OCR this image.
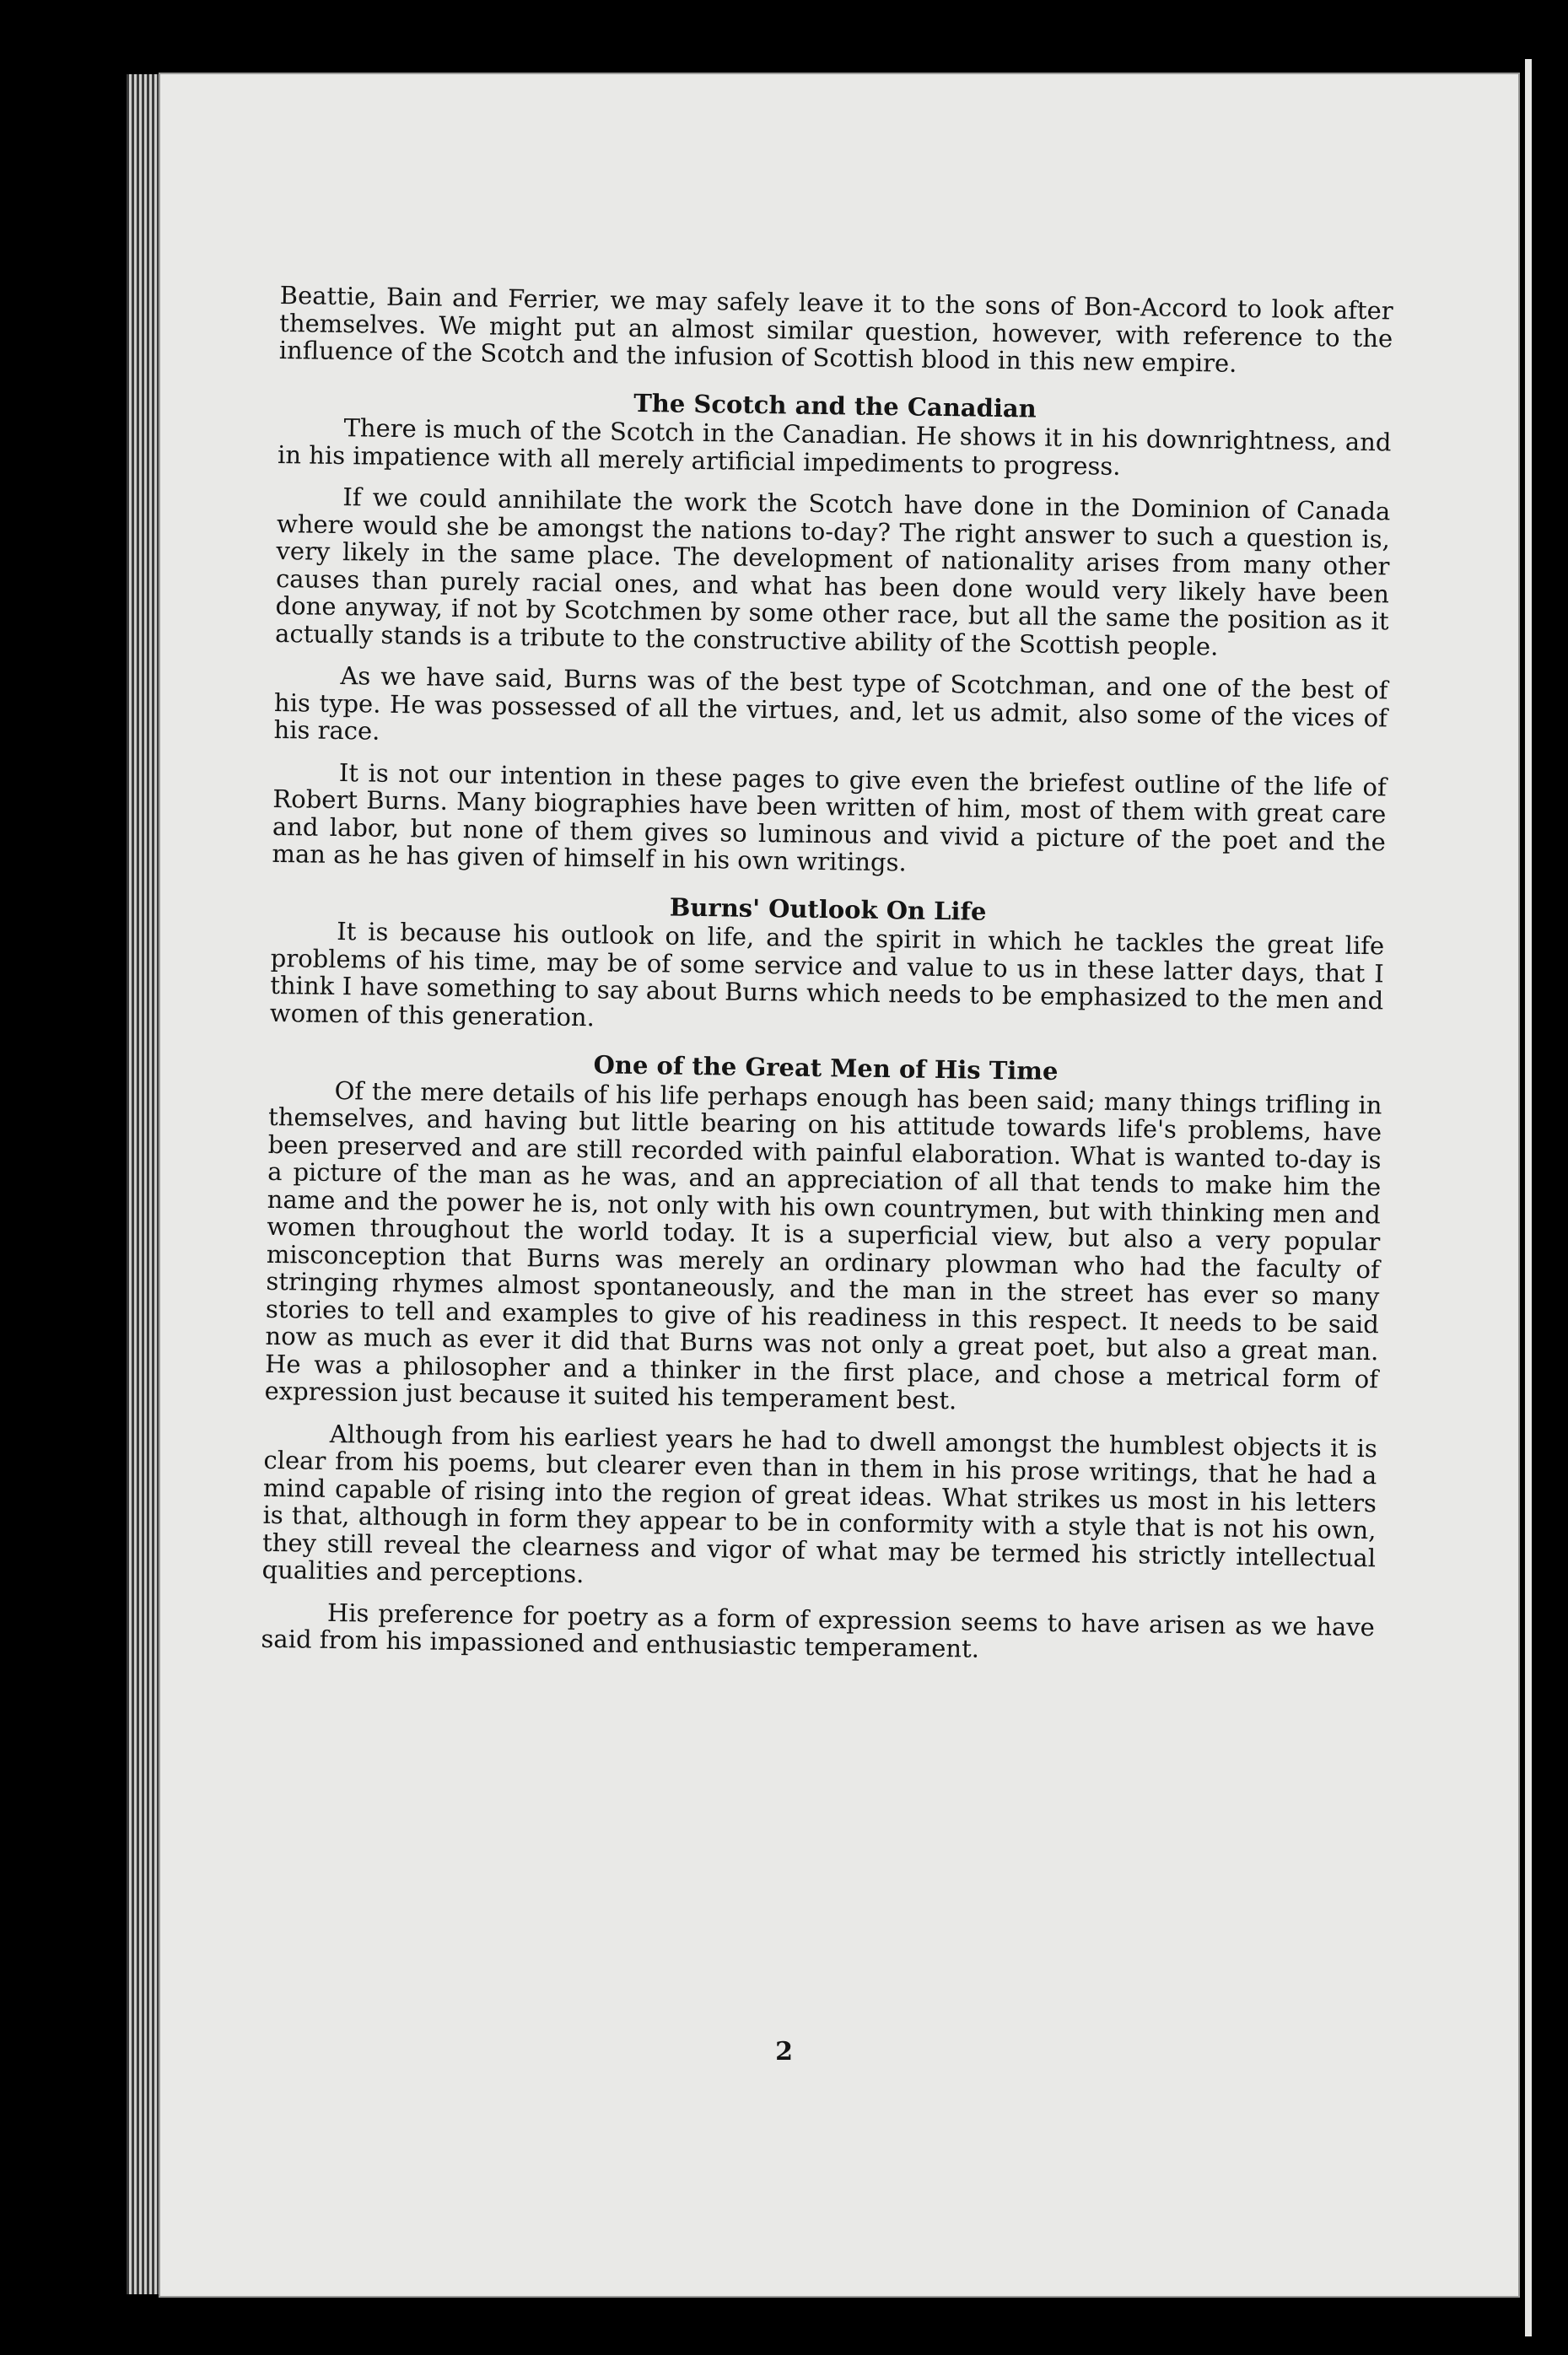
Beattie, Bain and Ferrier, we may safely leave it to the sons of Bon-Accord to look after themselves. We might put an almost similar question, however, with reference to the influence of the Scotch and the infusion of Scottish blood in this new empire.

The Scotch and the Canadian

There is much of the Scotch in the Canadian. He shows it in his downrightness, and in his impatience with all merely artificial impediments to progress.

If we could annihilate the work the Scotch have done in the Dominion of Canada where would she be amongst the nations to-day? The right answer to such a question is, very likely in the same place. The development of nationality arises from many other causes than purely racial ones, and what has been done would very likely have been done anyway, if not by Scotchmen by some other race, but all the same the position as it actually stands is a tribute to the constructive ability of the Scottish people.

As we have said, Burns was of the best type of Scotchman, and one of the best of his type. He was possessed of all the virtues, and, let us admit, also some of the vices of his race.

It is not our intention in these pages to give even the briefest outline of the life of Robert Burns. Many biographies have been written of him, most of them with great care and labor, but none of them gives so luminous and vivid a picture of the poet and the man as he has given of himself in his own writings.

Burns' Outlook On Life

It is because his outlook on life, and the spirit in which he tackles the great life problems of his time, may be of some service and value to us in these latter days, that I think I have something to say about Burns which needs to be emphasized to the men and women of this generation.

One of the Great Men of His Time

Of the mere details of his life perhaps enough has been said; many things trifling in themselves, and having but little bearing on his attitude towards life's problems, have been preserved and are still recorded with painful elaboration. What is wanted to-day is a picture of the man as he was, and an appreciation of all that tends to make him the name and the power he is, not only with his own countrymen, but with thinking men and women throughout the world today. It is a superficial view, but also a very popular misconception that Burns was merely an ordinary plowman who had the faculty of stringing rhymes almost spontaneously, and the man in the street has ever so many stories to tell and examples to give of his readiness in this respect. It needs to be said now as much as ever it did that Burns was not only a great poet, but also a great man. He was a philosopher and a thinker in the first place, and chose a metrical form of expression just because it suited his temperament best.

Although from his earliest years he had to dwell amongst the humblest objects it is clear from his poems, but clearer even than in them in his prose writings, that he had a mind capable of rising into the region of great ideas. What strikes us most in his letters is that, although in form they appear to be in conformity with a style that is not his own, they still reveal the clearness and vigor of what may be termed his strictly intellectual qualities and perceptions.

His preference for poetry as a form of expression seems to have arisen as we have said from his impassioned and enthusiastic temperament.

2
